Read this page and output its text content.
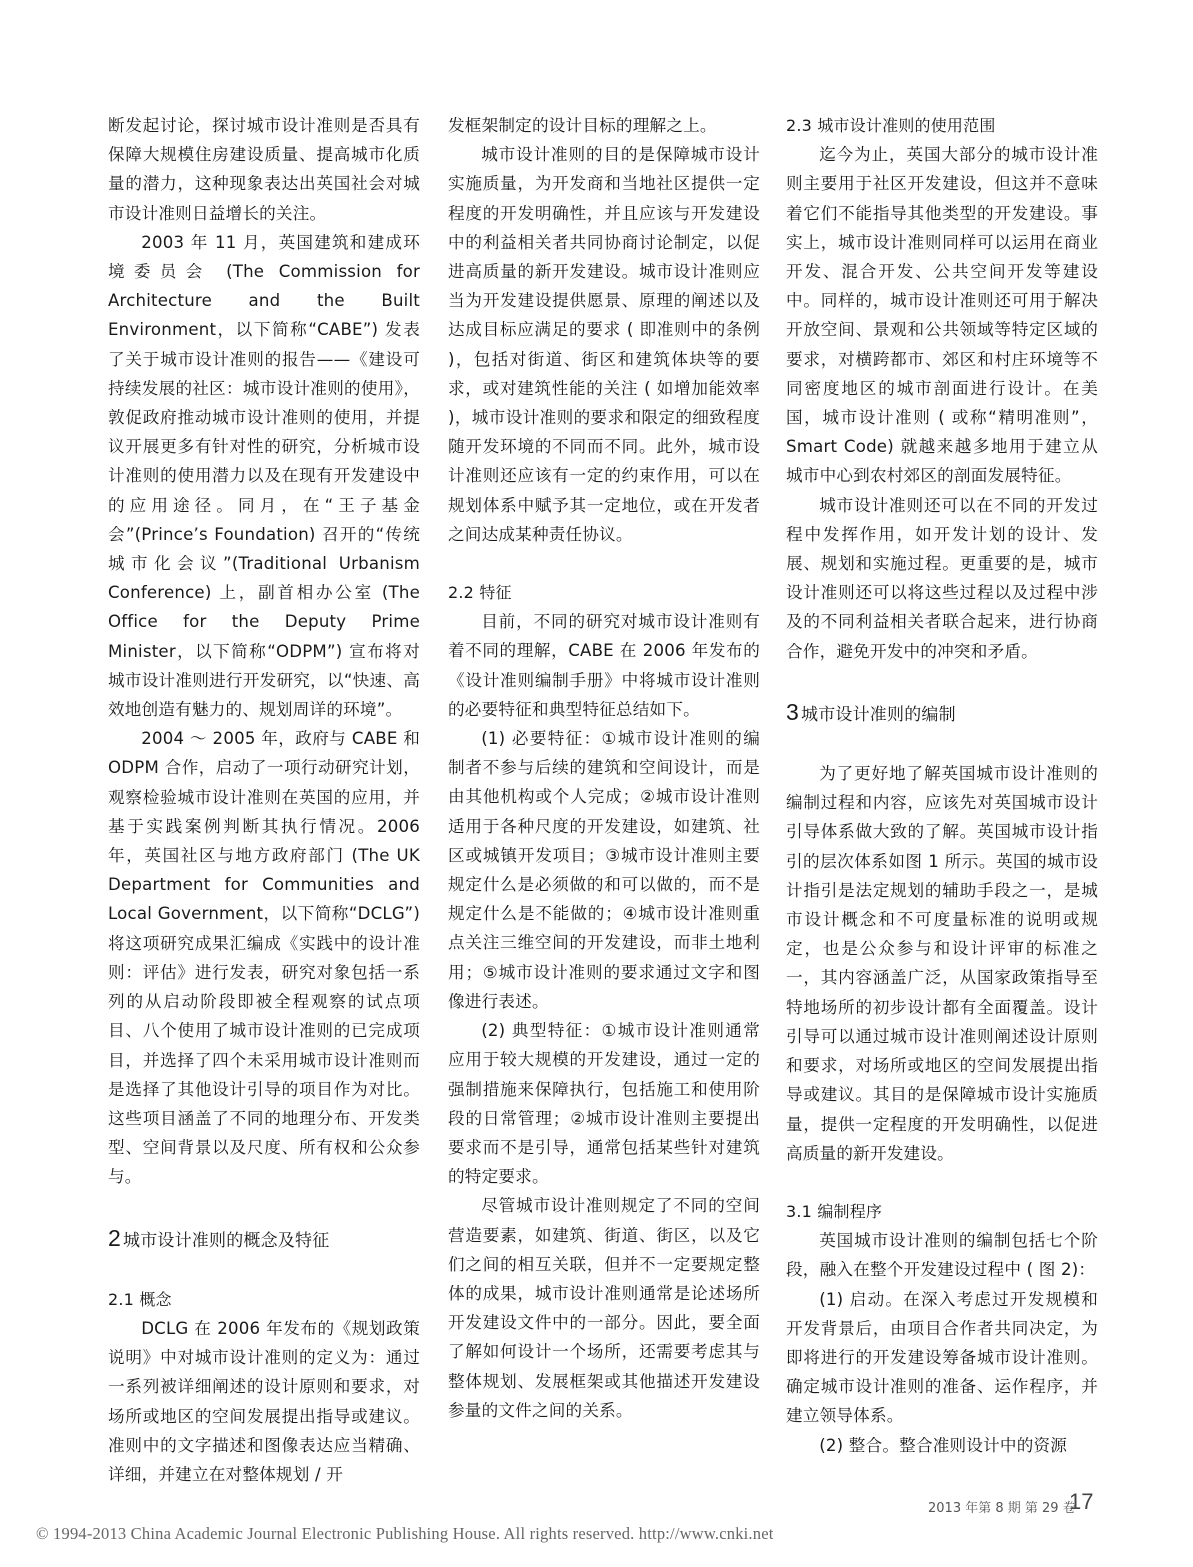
断发起讨论，探讨城市设计准则是否具有保障大规模住房建设质量、提高城市化质量的潜力，这种现象表达出英国社会对城市设计准则日益增长的关注。

2003 年 11 月，英国建筑和建成环境委员会 (The Commission for Architecture and the Built Environment，以下简称“CABE”) 发表了关于城市设计准则的报告——《建设可持续发展的社区：城市设计准则的使用》，敦促政府推动城市设计准则的使用，并提议开展更多有针对性的研究，分析城市设计准则的使用潜力以及在现有开发建设中的应用途径。同月，在“王子基金会”(Prince’s Foundation) 召开的“传统城市化会议”(Traditional Urbanism Conference) 上，副首相办公室 (The Office for the Deputy Prime Minister，以下简称“ODPM”) 宣布将对城市设计准则进行开发研究，以“快速、高效地创造有魅力的、规划周详的环境”。

2004 ～ 2005 年，政府与 CABE 和 ODPM 合作，启动了一项行动研究计划，观察检验城市设计准则在英国的应用，并基于实践案例判断其执行情况。2006 年，英国社区与地方政府部门 (The UK Department for Communities and Local Government，以下简称“DCLG”) 将这项研究成果汇编成《实践中的设计准则：评估》进行发表，研究对象包括一系列的从启动阶段即被全程观察的试点项目、八个使用了城市设计准则的已完成项目，并选择了四个未采用城市设计准则而是选择了其他设计引导的项目作为对比。这些项目涵盖了不同的地理分布、开发类型、空间背景以及尺度、所有权和公众参与。

2 城市设计准则的概念及特征
2.1 概念

DCLG 在 2006 年发布的《规划政策说明》中对城市设计准则的定义为：通过一系列被详细阐述的设计原则和要求，对场所或地区的空间发展提出指导或建议。准则中的文字描述和图像表达应当精确、详细，并建立在对整体规划 / 开

发框架制定的设计目标的理解之上。

城市设计准则的目的是保障城市设计实施质量，为开发商和当地社区提供一定程度的开发明确性，并且应该与开发建设中的利益相关者共同协商讨论制定，以促进高质量的新开发建设。城市设计准则应当为开发建设提供愿景、原理的阐述以及达成目标应满足的要求 ( 即准则中的条例 )，包括对街道、街区和建筑体块等的要求，或对建筑性能的关注 ( 如增加能效率 )，城市设计准则的要求和限定的细致程度随开发环境的不同而不同。此外，城市设计准则还应该有一定的约束作用，可以在规划体系中赋予其一定地位，或在开发者之间达成某种责任协议。

2.2 特征

目前，不同的研究对城市设计准则有着不同的理解，CABE 在 2006 年发布的《设计准则编制手册》中将城市设计准则的必要特征和典型特征总结如下。

(1) 必要特征：①城市设计准则的编制者不参与后续的建筑和空间设计，而是由其他机构或个人完成；②城市设计准则适用于各种尺度的开发建设，如建筑、社区或城镇开发项目；③城市设计准则主要规定什么是必须做的和可以做的，而不是规定什么是不能做的；④城市设计准则重点关注三维空间的开发建设，而非土地利用；⑤城市设计准则的要求通过文字和图像进行表述。

(2) 典型特征：①城市设计准则通常应用于较大规模的开发建设，通过一定的强制措施来保障执行，包括施工和使用阶段的日常管理；②城市设计准则主要提出要求而不是引导，通常包括某些针对建筑的特定要求。

尽管城市设计准则规定了不同的空间营造要素，如建筑、街道、街区，以及它们之间的相互关联，但并不一定要规定整体的成果，城市设计准则通常是论述场所开发建设文件中的一部分。因此，要全面了解如何设计一个场所，还需要考虑其与整体规划、发展框架或其他描述开发建设参量的文件之间的关系。

2.3 城市设计准则的使用范围

迄今为止，英国大部分的城市设计准则主要用于社区开发建设，但这并不意味着它们不能指导其他类型的开发建设。事实上，城市设计准则同样可以运用在商业开发、混合开发、公共空间开发等建设中。同样的，城市设计准则还可用于解决开放空间、景观和公共领域等特定区域的要求，对横跨都市、郊区和村庄环境等不同密度地区的城市剖面进行设计。在美国，城市设计准则 ( 或称“精明准则”，Smart Code) 就越来越多地用于建立从城市中心到农村郊区的剖面发展特征。

城市设计准则还可以在不同的开发过程中发挥作用，如开发计划的设计、发展、规划和实施过程。更重要的是，城市设计准则还可以将这些过程以及过程中涉及的不同利益相关者联合起来，进行协商合作，避免开发中的冲突和矛盾。

3 城市设计准则的编制

为了更好地了解英国城市设计准则的编制过程和内容，应该先对英国城市设计引导体系做大致的了解。英国城市设计指引的层次体系如图 1 所示。英国的城市设计指引是法定规划的辅助手段之一，是城市设计概念和不可度量标准的说明或规定，也是公众参与和设计评审的标准之一，其内容涵盖广泛，从国家政策指导至特地场所的初步设计都有全面覆盖。设计引导可以通过城市设计准则阐述设计原则和要求，对场所或地区的空间发展提出指导或建议。其目的是保障城市设计实施质量，提供一定程度的开发明确性，以促进高质量的新开发建设。

3.1 编制程序

英国城市设计准则的编制包括七个阶段，融入在整个开发建设过程中 ( 图 2)：

(1) 启动。在深入考虑过开发规模和开发背景后，由项目合作者共同决定，为即将进行的开发建设筹备城市设计准则。确定城市设计准则的准备、运作程序，并建立领导体系。

(2) 整合。整合准则设计中的资源

2013 年第 8 期 第 29 卷
17
© 1994-2013 China Academic Journal Electronic Publishing House. All rights reserved. http://www.cnki.net
